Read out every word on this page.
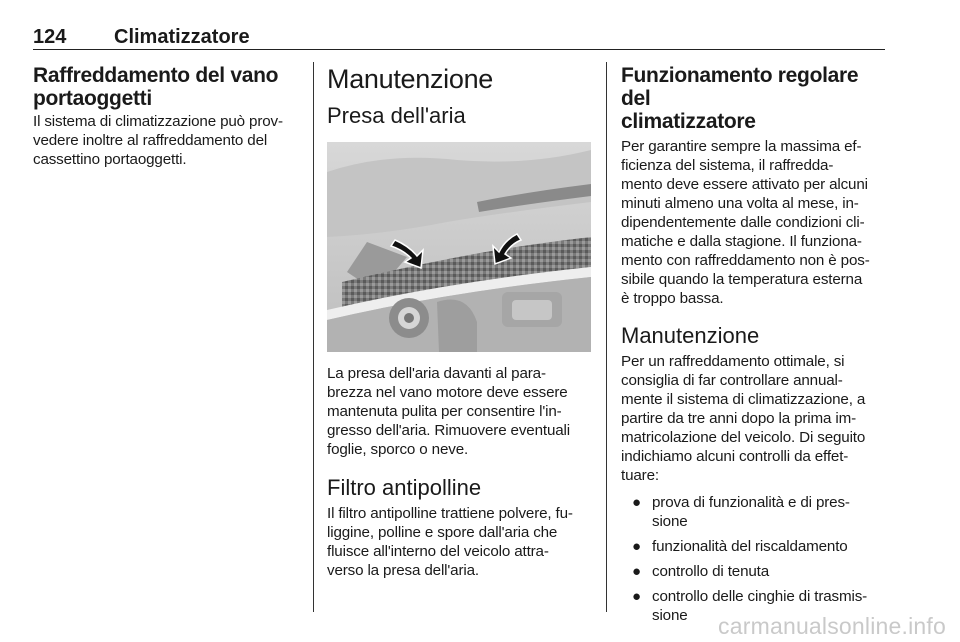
124 Climatizzatore
Raffreddamento del vano
portaoggetti

Il sistema di climatizzazione può prov-
vedere inoltre al raffreddamento del
cassettino portaoggetti.

Manutenzione
Presa dell'aria

La presa dell'aria davanti al para-
brezza nel vano motore deve essere
mantenuta pulita per consentire l'in-
gresso dell'aria. Rimuovere eventuali
foglie, sporco o neve.

Filtro antipolline

Il filtro antipolline trattiene polvere, fu-
liggine, polline e spore dall'aria che
fluisce all'interno del veicolo attra-
verso la presa dell'aria.

Funzionamento regolare del
climatizzatore

Per garantire sempre la massima ef-
ficienza del sistema, il raffredda-
mento deve essere attivato per alcuni
minuti almeno una volta al mese, in-
dipendentemente dalle condizioni cli-
matiche e dalla stagione. Il funziona-
mento con raffreddamento non è pos-
sibile quando la temperatura esterna
è troppo bassa.

Manutenzione

Per un raffreddamento ottimale, si
consiglia di far controllare annual-
mente il sistema di climatizzazione, a
partire da tre anni dopo la prima im-
matricolazione del veicolo. Di seguito
indichiamo alcuni controlli da effet-
tuare:

● prova di funzionalità e di pres-
sione
● funzionalità del riscaldamento
● controllo di tenuta
● controllo delle cinghie di trasmis-
sione	carmanualsonline.info
